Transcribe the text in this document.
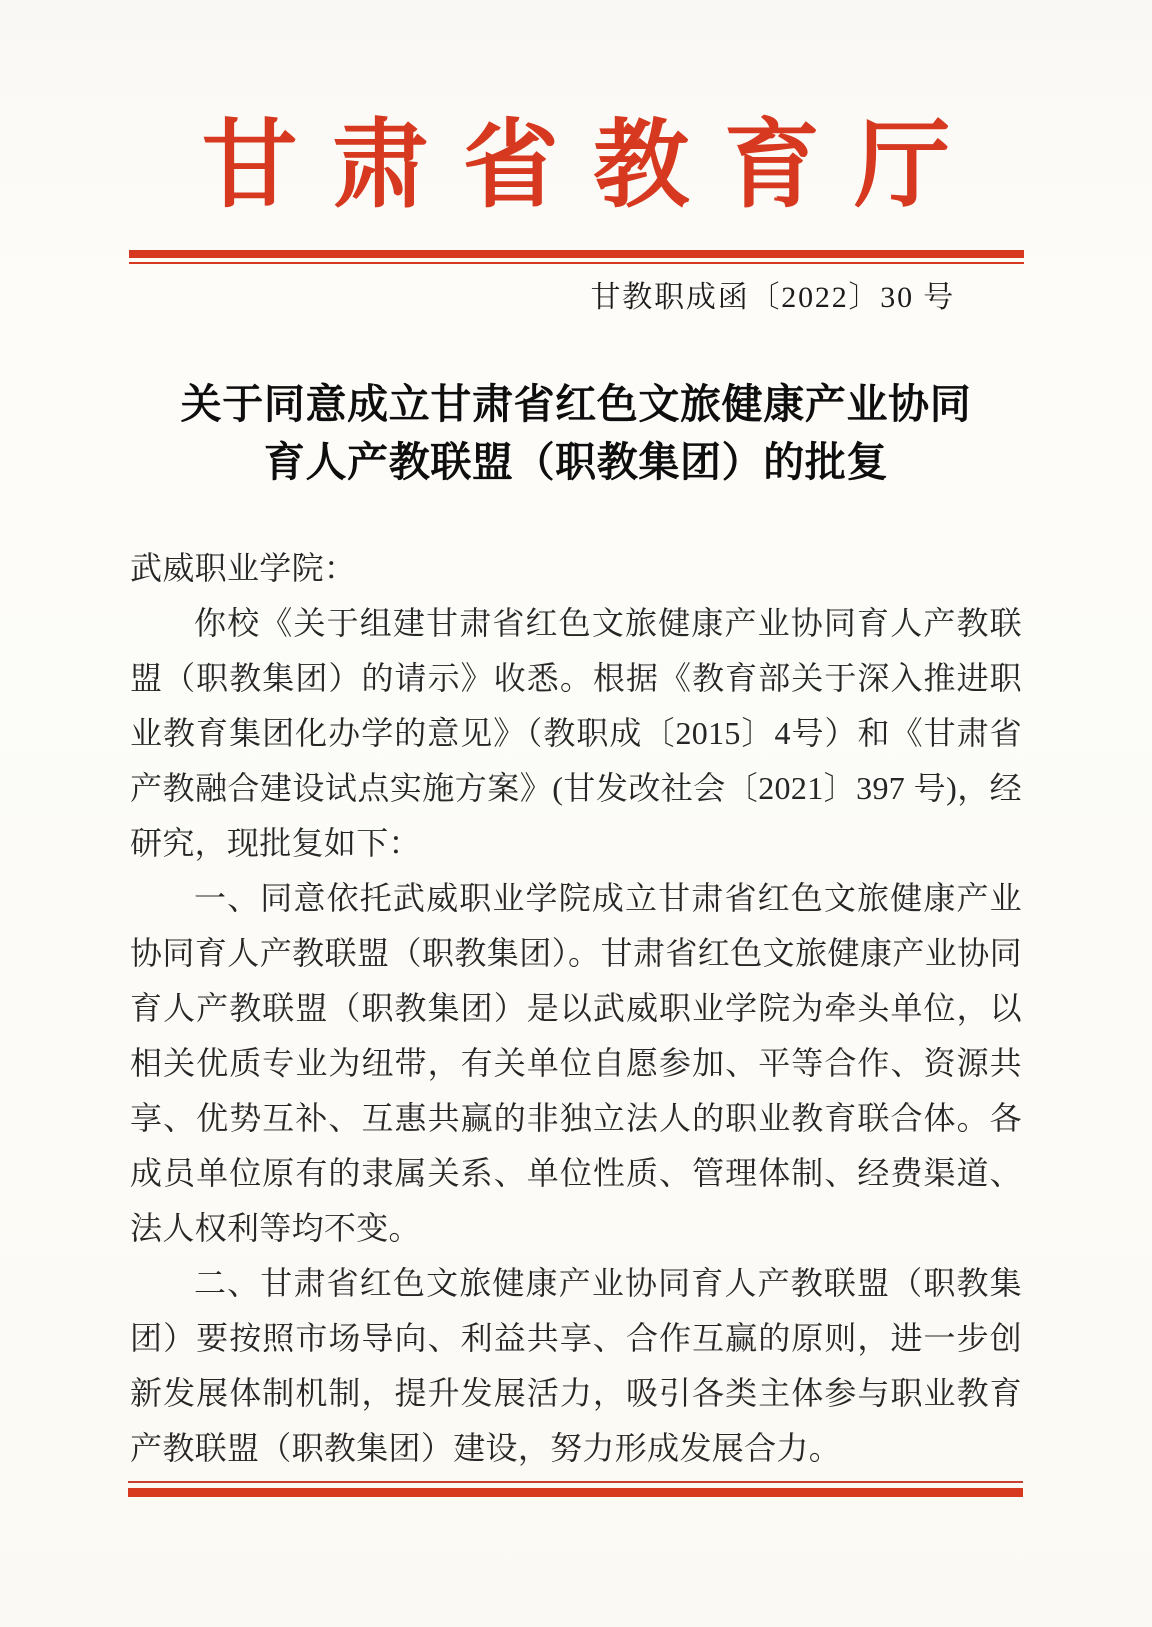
甘肃省教育厅
甘教职成函〔2022〕30 号
关于同意成立甘肃省红色文旅健康产业协同
育人产教联盟（职教集团）的批复

武威职业学院：

你校《关于组建甘肃省红色文旅健康产业协同育人产教联盟（职教集团）的请示》收悉。根据《教育部关于深入推进职业教育集团化办学的意见》（教职成〔2015〕4号）和《甘肃省产教融合建设试点实施方案》(甘发改社会〔2021〕397 号)，经研究，现批复如下：

一、同意依托武威职业学院成立甘肃省红色文旅健康产业协同育人产教联盟（职教集团）。甘肃省红色文旅健康产业协同育人产教联盟（职教集团）是以武威职业学院为牵头单位，以相关优质专业为纽带，有关单位自愿参加、平等合作、资源共享、优势互补、互惠共赢的非独立法人的职业教育联合体。各成员单位原有的隶属关系、单位性质、管理体制、经费渠道、法人权利等均不变。

二、甘肃省红色文旅健康产业协同育人产教联盟（职教集团）要按照市场导向、利益共享、合作互赢的原则，进一步创新发展体制机制，提升发展活力，吸引各类主体参与职业教育产教联盟（职教集团）建设，努力形成发展合力。
